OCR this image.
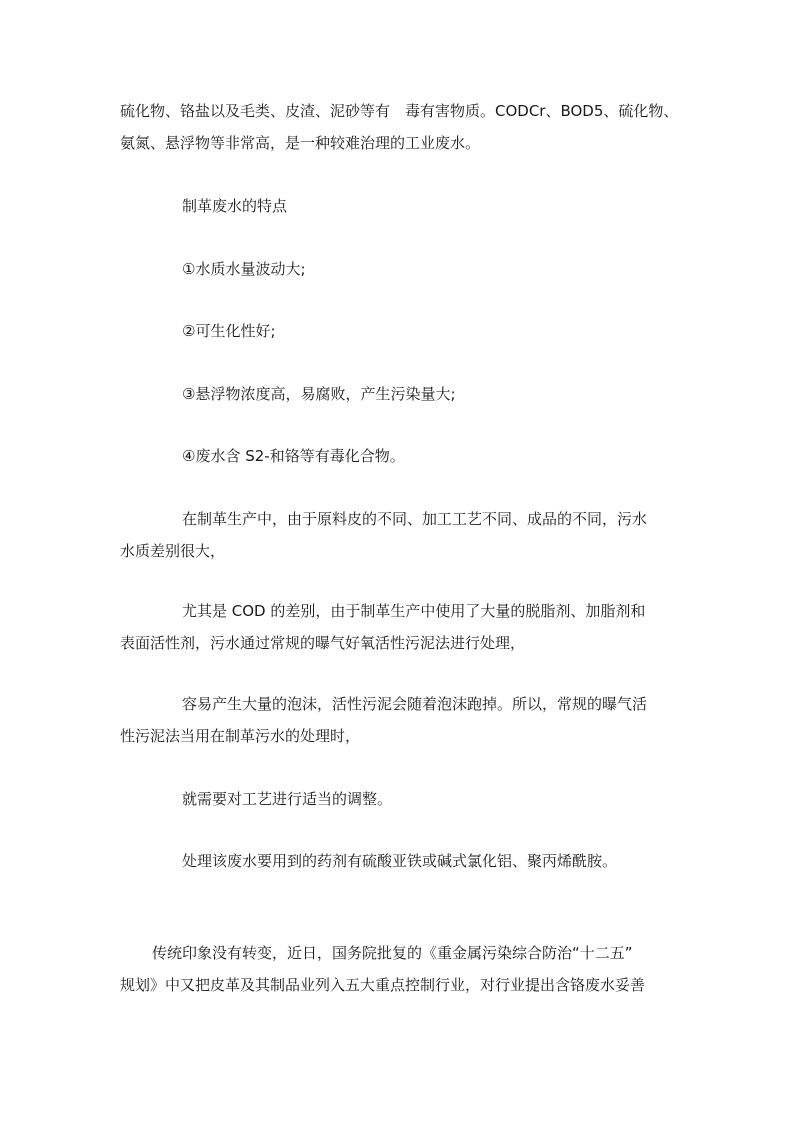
硫化物、铬盐以及毛类、皮渣、泥砂等有　毒有害物质。CODCr、BOD5、硫化物、
氨氮、悬浮物等非常高，是一种较难治理的工业废水。
制革废水的特点
①水质水量波动大;
②可生化性好;
③悬浮物浓度高，易腐败，产生污染量大;
④废水含 S2-和铬等有毒化合物。
在制革生产中，由于原料皮的不同、加工工艺不同、成品的不同，污水
水质差别很大，
尤其是 COD 的差别，由于制革生产中使用了大量的脱脂剂、加脂剂和
表面活性剂，污水通过常规的曝气好氧活性污泥法进行处理，
容易产生大量的泡沫，活性污泥会随着泡沫跑掉。所以，常规的曝气活
性污泥法当用在制革污水的处理时，
就需要对工艺进行适当的调整。
处理该废水要用到的药剂有硫酸亚铁或碱式氯化铝、聚丙烯酰胺。
传统印象没有转变，近日，国务院批复的《重金属污染综合防治“十二五”
规划》中又把皮革及其制品业列入五大重点控制行业，对行业提出含铬废水妥善
